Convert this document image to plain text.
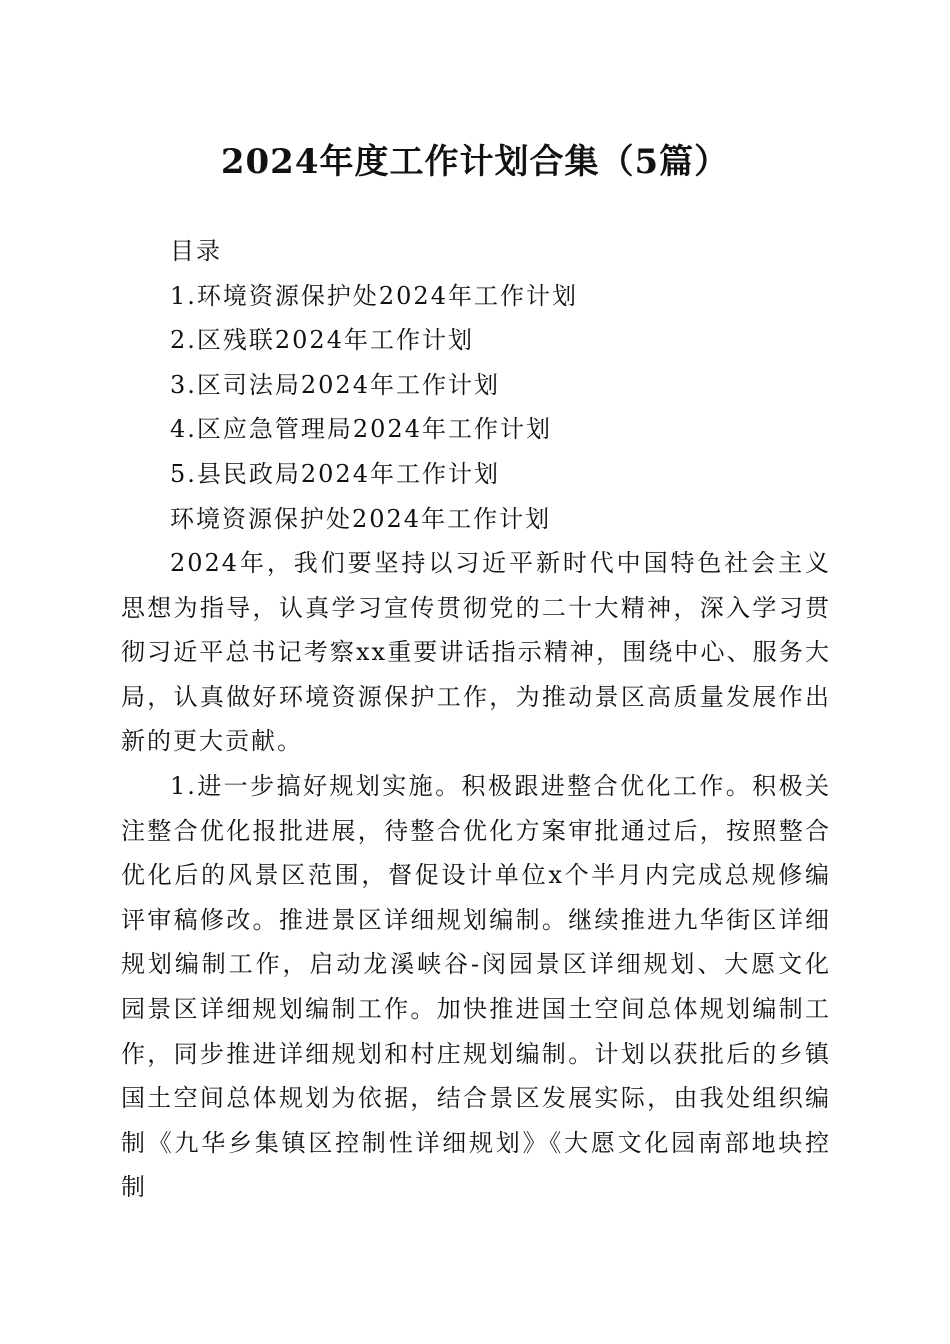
2024年度工作计划合集（5篇）
目录
1.环境资源保护处2024年工作计划
2.区残联2024年工作计划
3.区司法局2024年工作计划
4.区应急管理局2024年工作计划
5.县民政局2024年工作计划
环境资源保护处2024年工作计划

2024年，我们要坚持以习近平新时代中国特色社会主义思想为指导，认真学习宣传贯彻党的二十大精神，深入学习贯彻习近平总书记考察xx重要讲话指示精神，围绕中心、服务大局，认真做好环境资源保护工作，为推动景区高质量发展作出新的更大贡献。

1.进一步搞好规划实施。积极跟进整合优化工作。积极关注整合优化报批进展，待整合优化方案审批通过后，按照整合优化后的风景区范围，督促设计单位x个半月内完成总规修编评审稿修改。推进景区详细规划编制。继续推进九华街区详细规划编制工作，启动龙溪峡谷-闵园景区详细规划、大愿文化园景区详细规划编制工作。加快推进国土空间总体规划编制工作，同步推进详细规划和村庄规划编制。计划以获批后的乡镇国土空间总体规划为依据，结合景区发展实际，由我处组织编制《九华乡集镇区控制性详细规划》《大愿文化园南部地块控制
